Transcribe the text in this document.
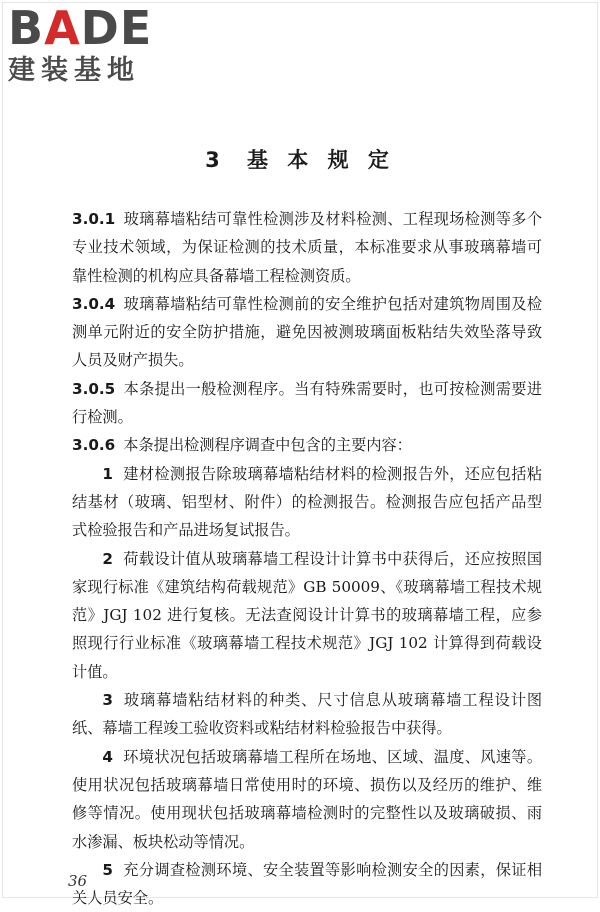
BADE
建装基地
3 基 本 规 定

3.0.1 玻璃幕墙粘结可靠性检测涉及材料检测、工程现场检测等多个专业技术领域，为保证检测的技术质量，本标准要求从事玻璃幕墙可靠性检测的机构应具备幕墙工程检测资质。

3.0.4 玻璃幕墙粘结可靠性检测前的安全维护包括对建筑物周围及检测单元附近的安全防护措施，避免因被测玻璃面板粘结失效坠落导致人员及财产损失。

3.0.5 本条提出一般检测程序。当有特殊需要时，也可按检测需要进行检测。

3.0.6 本条提出检测程序调查中包含的主要内容：

1 建材检测报告除玻璃幕墙粘结材料的检测报告外，还应包括粘结基材（玻璃、铝型材、附件）的检测报告。检测报告应包括产品型式检验报告和产品进场复试报告。

2 荷载设计值从玻璃幕墙工程设计计算书中获得后，还应按照国家现行标准《建筑结构荷载规范》GB 50009、《玻璃幕墙工程技术规范》JGJ 102 进行复核。无法查阅设计计算书的玻璃幕墙工程，应参照现行行业标准《玻璃幕墙工程技术规范》JGJ 102 计算得到荷载设计值。

3 玻璃幕墙粘结材料的种类、尺寸信息从玻璃幕墙工程设计图纸、幕墙工程竣工验收资料或粘结材料检验报告中获得。

4 环境状况包括玻璃幕墙工程所在场地、区域、温度、风速等。使用状况包括玻璃幕墙日常使用时的环境、损伤以及经历的维护、维修等情况。使用现状包括玻璃幕墙检测时的完整性以及玻璃破损、雨水渗漏、板块松动等情况。

5 充分调查检测环境、安全装置等影响检测安全的因素，保证相关人员安全。

36
